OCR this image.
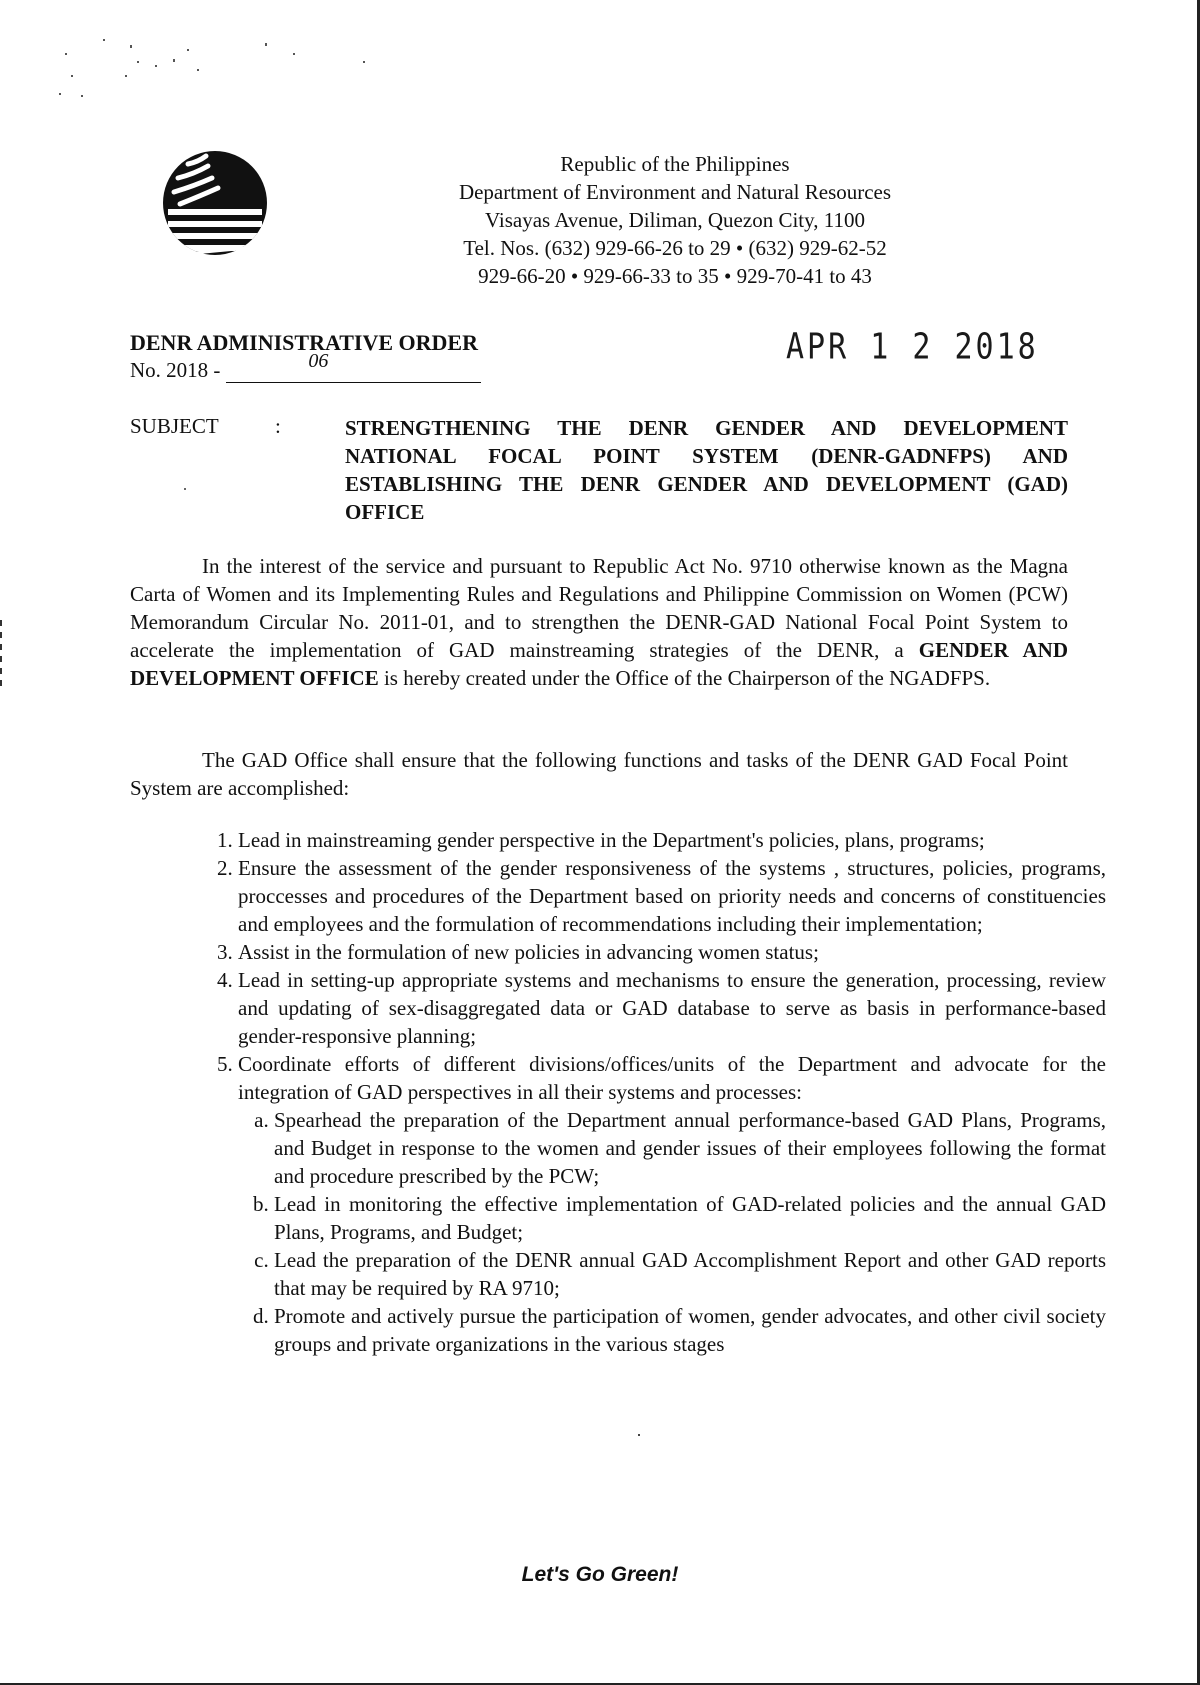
Republic of the Philippines
Department of Environment and Natural Resources
Visayas Avenue, Diliman, Quezon City, 1100
Tel. Nos. (632) 929-66-26 to 29 • (632) 929-62-52
929-66-20 • 929-66-33 to 35 • 929-70-41 to 43
DENR ADMINISTRATIVE ORDER
No. 2018 -	06	APR 1 2 2018
SUBJECT	:	STRENGTHENING THE DENR GENDER AND DEVELOPMENT NATIONAL FOCAL POINT SYSTEM (DENR-GADNFPS) AND ESTABLISHING THE DENR GENDER AND DEVELOPMENT (GAD) OFFICE
In the interest of the service and pursuant to Republic Act No. 9710 otherwise known as the Magna Carta of Women and its Implementing Rules and Regulations and Philippine Commission on Women (PCW) Memorandum Circular No. 2011-01, and to strengthen the DENR-GAD National Focal Point System to accelerate the implementation of GAD mainstreaming strategies of the DENR, a GENDER AND DEVELOPMENT OFFICE is hereby created under the Office of the Chairperson of the NGADFPS.
The GAD Office shall ensure that the following functions and tasks of the DENR GAD Focal Point System are accomplished:
1. Lead in mainstreaming gender perspective in the Department's policies, plans, programs;
2. Ensure the assessment of the gender responsiveness of the systems , structures, policies, programs, proccesses and procedures of the Department based on priority needs and concerns of constituencies and employees and the formulation of recommendations including their implementation;
3. Assist in the formulation of new policies in advancing women status;
4. Lead in setting-up appropriate systems and mechanisms to ensure the generation, processing, review and updating of sex-disaggregated data or GAD database to serve as basis in performance-based gender-responsive planning;
5. Coordinate efforts of different divisions/offices/units of the Department and advocate for the integration of GAD perspectives in all their systems and processes:
a. Spearhead the preparation of the Department annual performance-based GAD Plans, Programs, and Budget in response to the women and gender issues of their employees following the format and procedure prescribed by the PCW;
b. Lead in monitoring the effective implementation of GAD-related policies and the annual GAD Plans, Programs, and Budget;
c. Lead the preparation of the DENR annual GAD Accomplishment Report and other GAD reports that may be required by RA 9710;
d. Promote and actively pursue the participation of women, gender advocates, and other civil society groups and private organizations in the various stages
Let's Go Green!
